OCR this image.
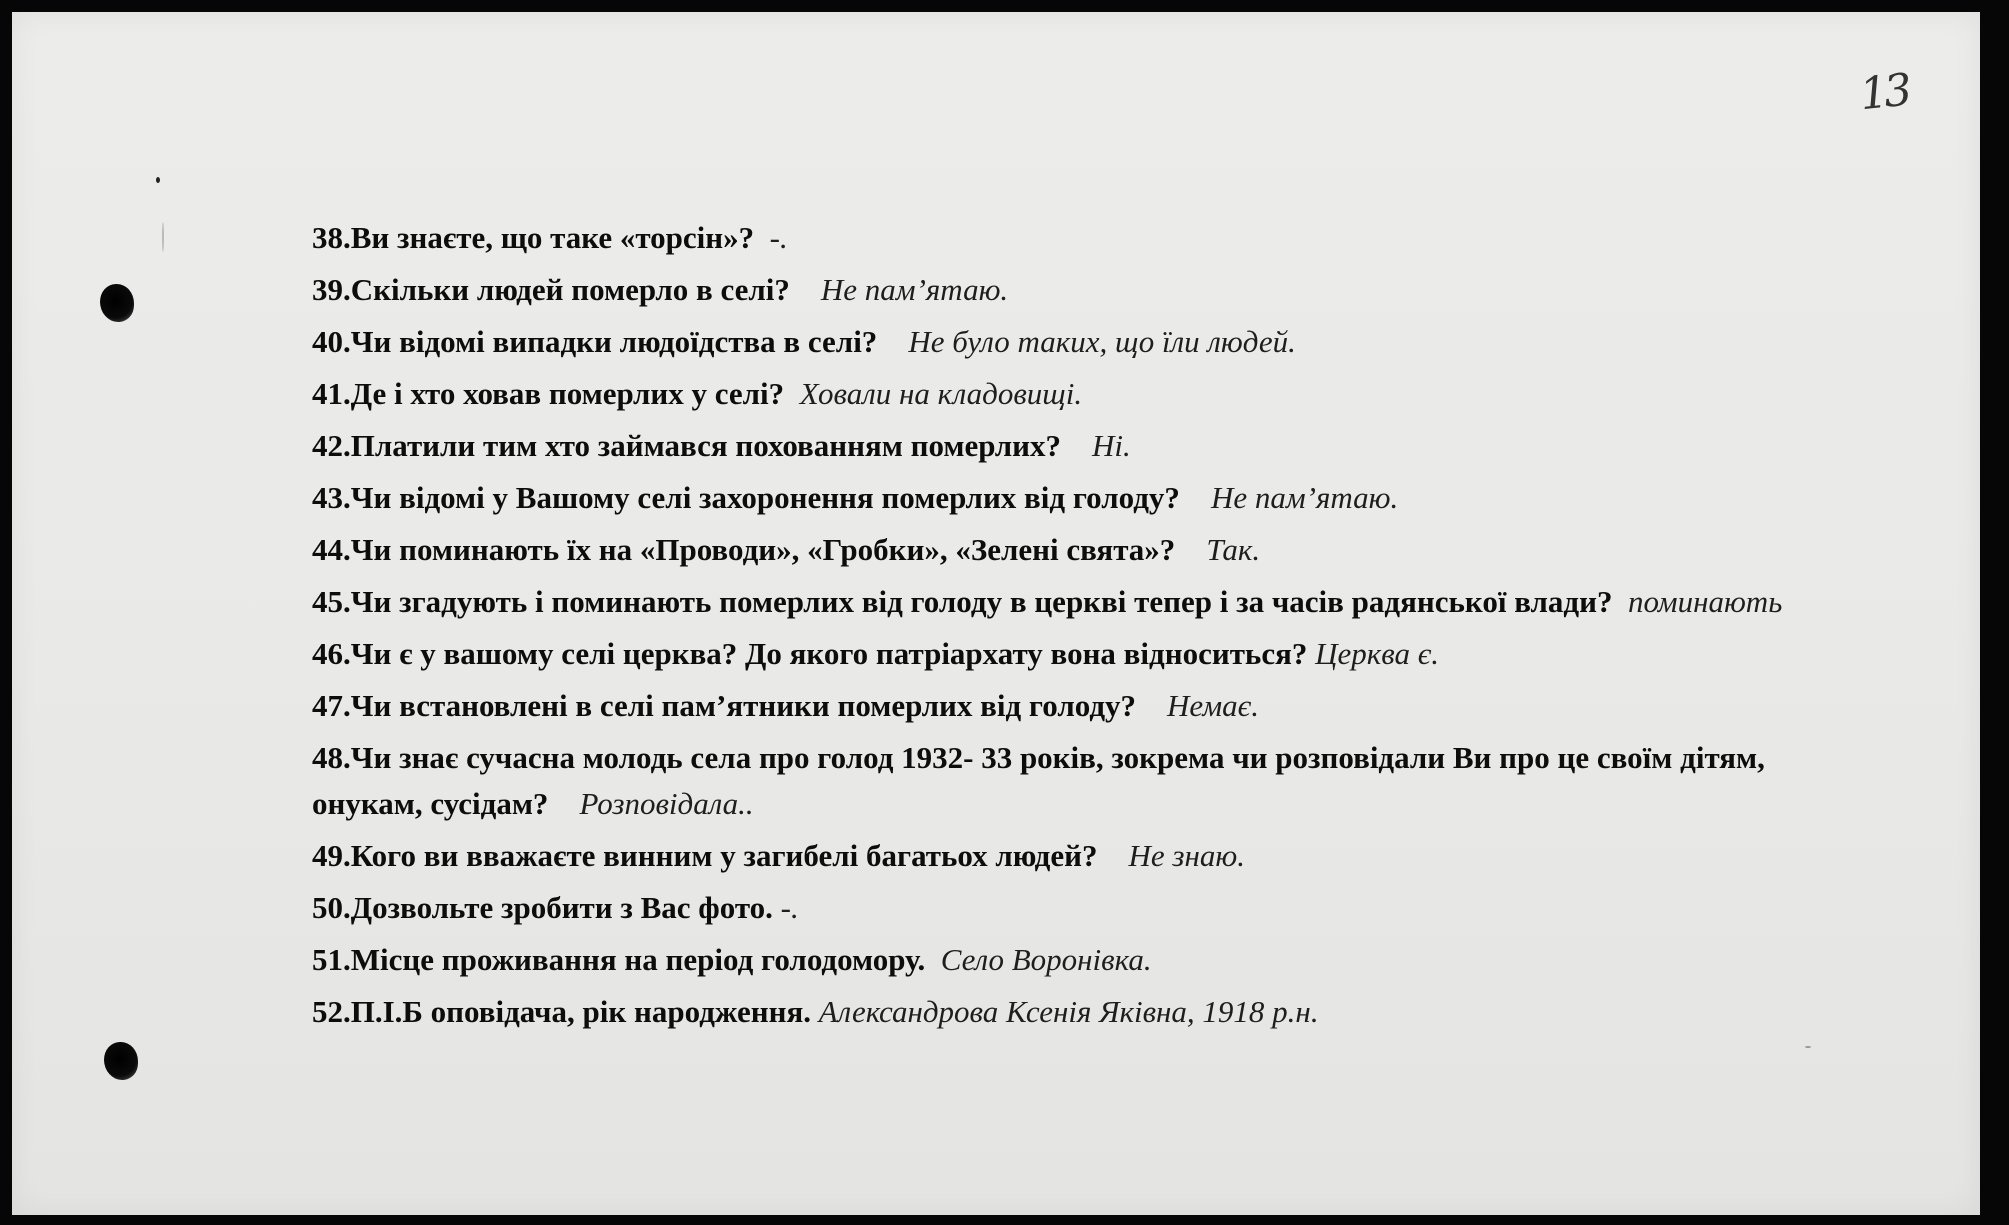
13
38.Ви знаєте, що таке «торсін»? -.
39.Скільки людей померло в селі? Не пам’ятаю.
40.Чи відомі випадки людоїдства в селі? Не було таких, що їли людей.
41.Де і хто ховав померлих у селі? Ховали на кладовищі.
42.Платили тим хто займався похованням померлих? Ні.
43.Чи відомі у Вашому селі захоронення померлих від голоду? Не пам’ятаю.
44.Чи поминають їх на «Проводи», «Гробки», «Зелені свята»? Так.
45.Чи згадують і поминають померлих від голоду в церкві тепер і за часів радянської влади? поминають
46.Чи є у вашому селі церква? До якого патріархату вона відноситься? Церква є.
47.Чи встановлені в селі пам’ятники померлих від голоду? Немає.
48.Чи знає сучасна молодь села про голод 1932- 33 років, зокрема чи розповідали Ви про це своїм дітям, онукам, сусідам? Розповідала..
49.Кого ви вважаєте винним у загибелі багатьох людей? Не знаю.
50.Дозвольте зробити з Вас фото. -.
51.Місце проживання на період голодомору. Село Воронівка.
52.П.І.Б оповідача, рік народження. Александрова Ксенія Яківна, 1918 р.н.
